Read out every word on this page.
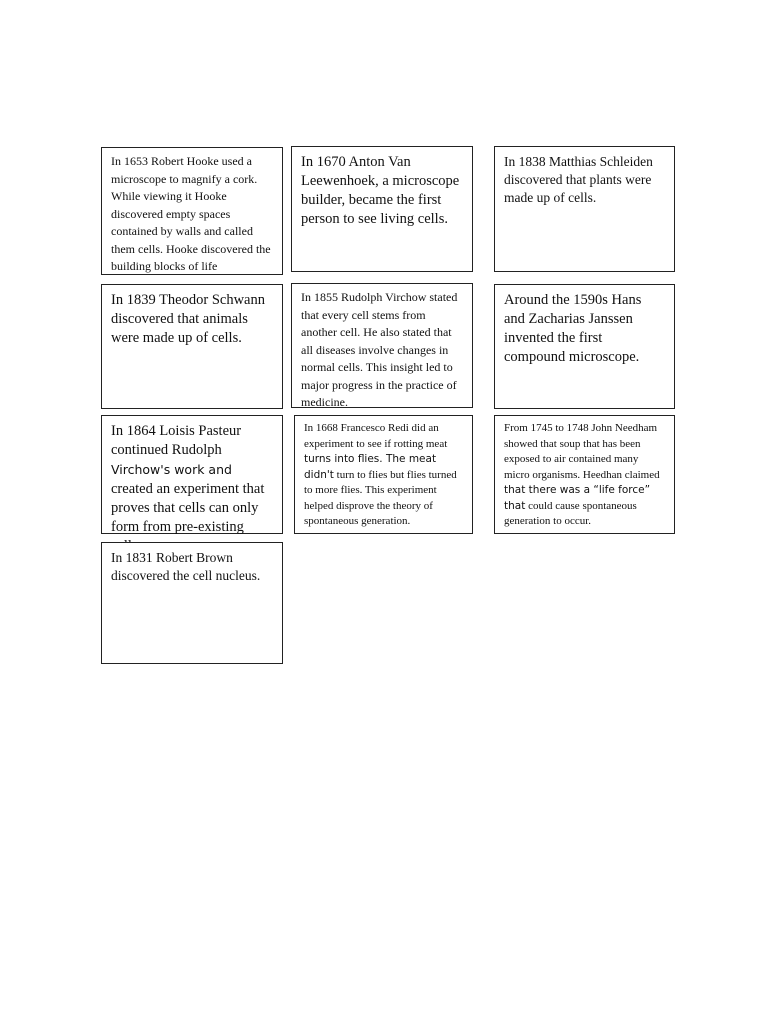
In 1653 Robert Hooke used a microscope to magnify a cork. While viewing it Hooke discovered empty spaces contained by walls and called them cells. Hooke discovered the building blocks of life

In 1670 Anton Van Leewenhoek, a microscope builder, became the first person to see living cells.

In 1838 Matthias Schleiden discovered that plants were made up of cells.

In 1839 Theodor Schwann discovered that animals were made up of cells.

In 1855 Rudolph Virchow stated that every cell stems from another cell. He also stated that all diseases involve changes in normal cells. This insight led to major progress in the practice of medicine.

Around the 1590s Hans and Zacharias Janssen invented the first compound microscope.

In 1864 Loisis Pasteur continued Rudolph Virchow's work and created an experiment that proves that cells can only form from pre-existing

In 1668 Francesco Redi did an experiment to see if rotting meat turns into flies. The meat didn't turn to flies but flies turned to more flies. This experiment helped disprove the theory of spontaneous generation.

From 1745 to 1748 John Needham showed that soup that has been exposed to air contained many micro organisms. Heedhan claimed that there was a “life force” that could cause spontaneous generation to occur.

In 1831 Robert Brown discovered the cell nucleus.
